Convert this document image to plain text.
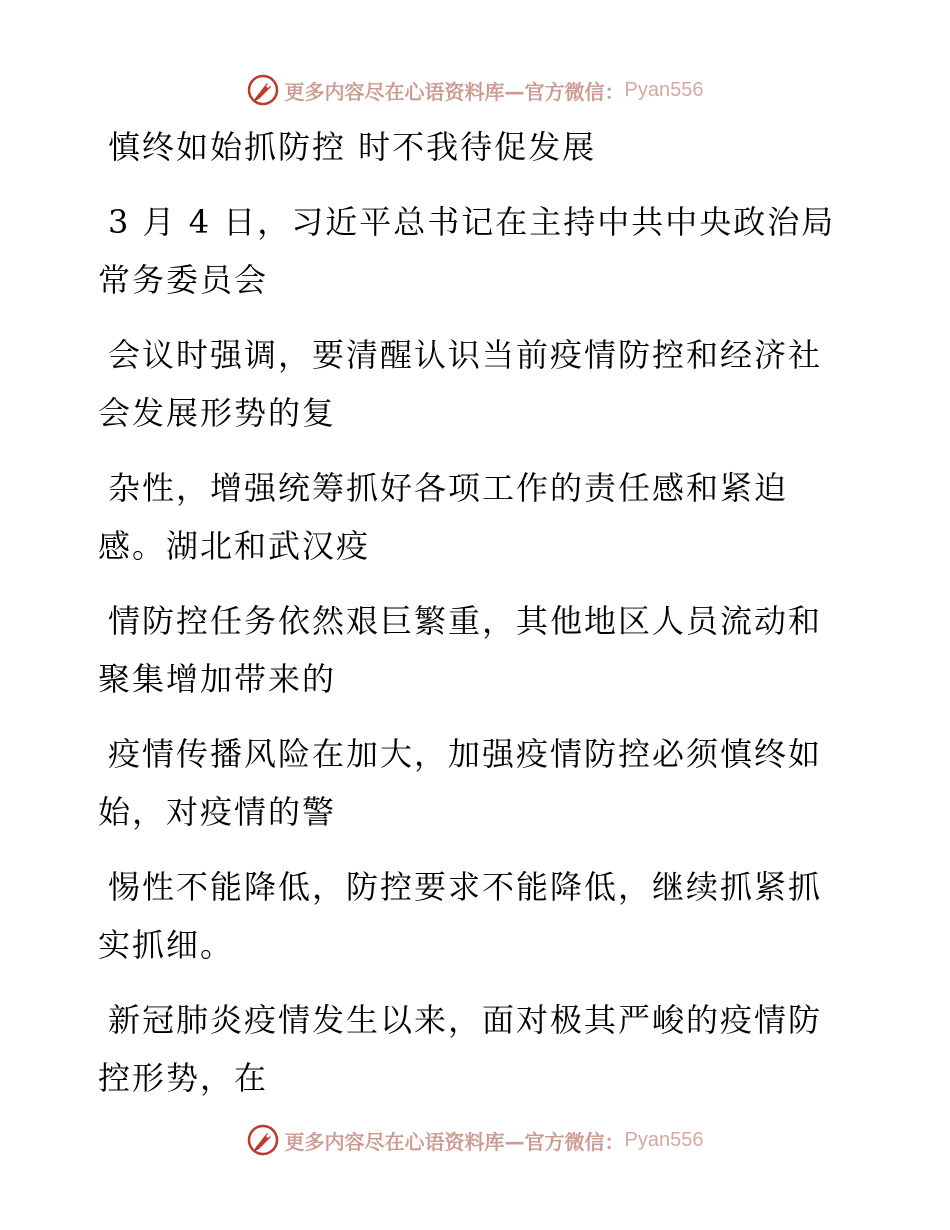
更多内容尽在心语资料库—官方微信： Pyan556

慎终如始抓防控 时不我待促发展

3 月 4 日，习近平总书记在主持中共中央政治局
常务委员会

会议时强调，要清醒认识当前疫情防控和经济社
会发展形势的复

杂性，增强统筹抓好各项工作的责任感和紧迫
感。湖北和武汉疫

情防控任务依然艰巨繁重，其他地区人员流动和
聚集增加带来的

疫情传播风险在加大，加强疫情防控必须慎终如
始，对疫情的警

惕性不能降低，防控要求不能降低，继续抓紧抓
实抓细。

新冠肺炎疫情发生以来，面对极其严峻的疫情防
控形势，在

更多内容尽在心语资料库—官方微信： Pyan556
